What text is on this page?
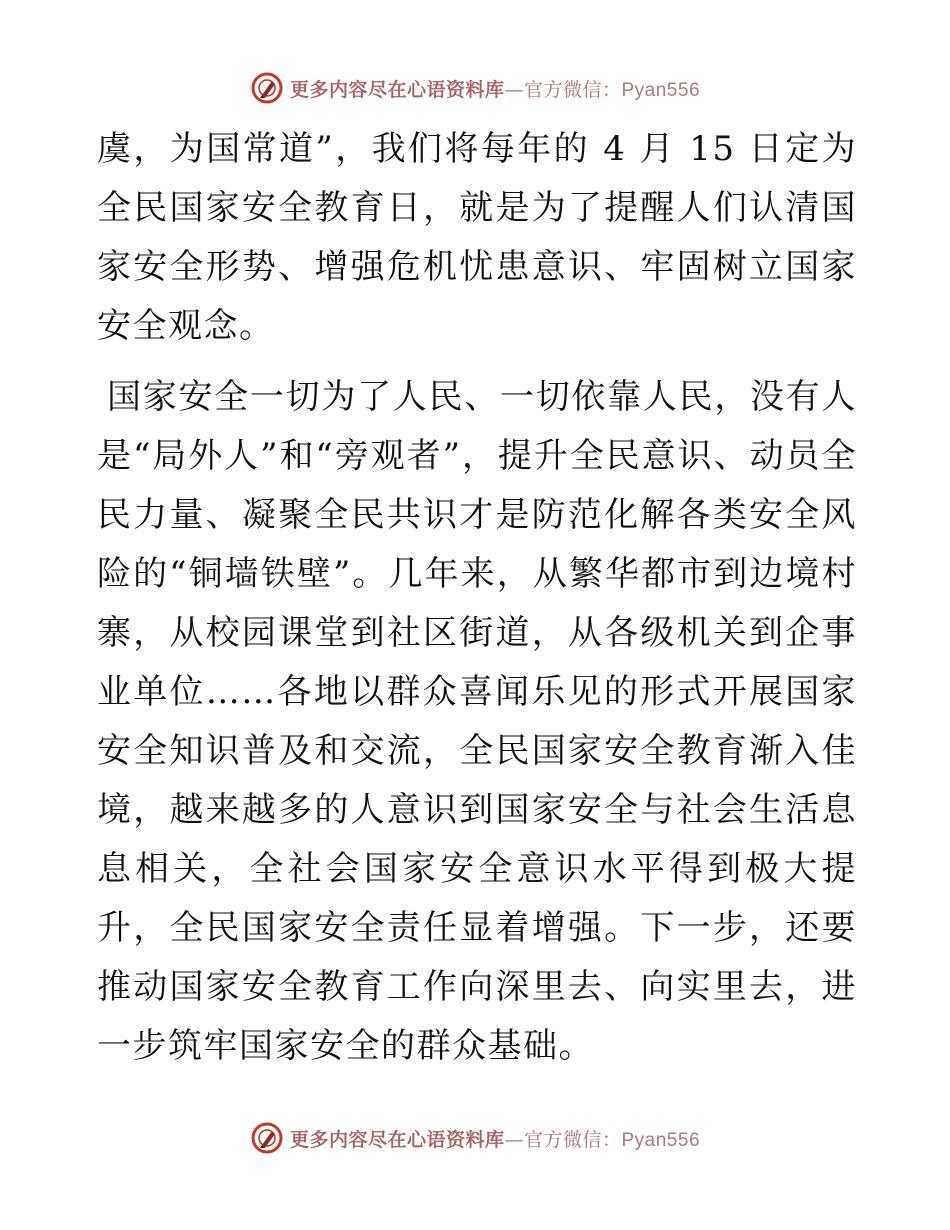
更多内容尽在心语资料库—官方微信：Pyan556

虞，为国常道”，我们将每年的 4 月 15 日定为全民国家安全教育日，就是为了提醒人们认清国家安全形势、增强危机忧患意识、牢固树立国家安全观念。

国家安全一切为了人民、一切依靠人民，没有人是“局外人”和“旁观者”，提升全民意识、动员全民力量、凝聚全民共识才是防范化解各类安全风险的“铜墙铁壁”。几年来，从繁华都市到边境村寨，从校园课堂到社区街道，从各级机关到企事业单位……各地以群众喜闻乐见的形式开展国家安全知识普及和交流，全民国家安全教育渐入佳境，越来越多的人意识到国家安全与社会生活息息相关，全社会国家安全意识水平得到极大提升，全民国家安全责任显着增强。下一步，还要推动国家安全教育工作向深里去、向实里去，进一步筑牢国家安全的群众基础。

更多内容尽在心语资料库—官方微信：Pyan556
